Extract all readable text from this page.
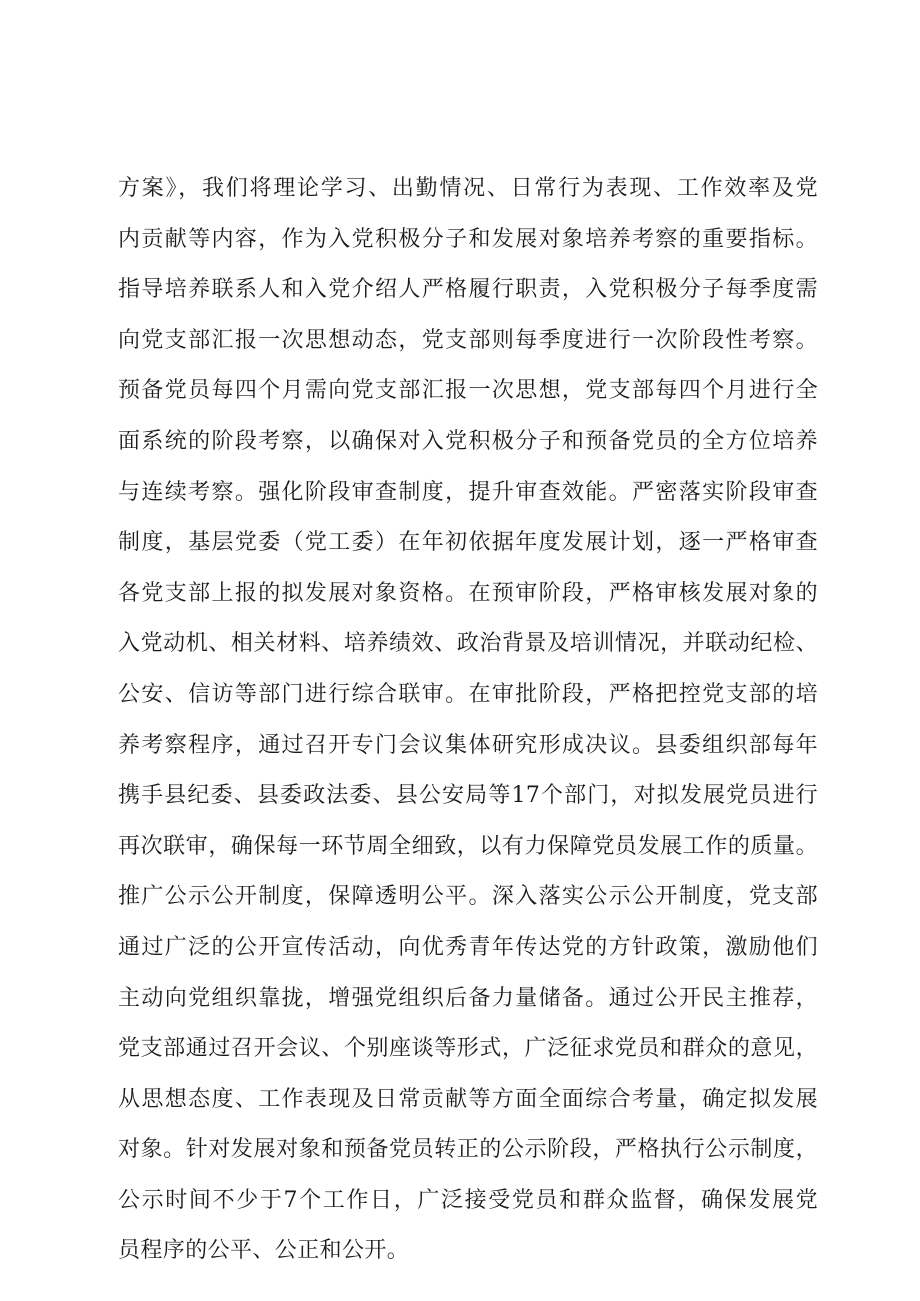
方案》，我们将理论学习、出勤情况、日常行为表现、工作效率及党
内贡献等内容，作为入党积极分子和发展对象培养考察的重要指标。
指导培养联系人和入党介绍人严格履行职责，入党积极分子每季度需
向党支部汇报一次思想动态，党支部则每季度进行一次阶段性考察。
预备党员每四个月需向党支部汇报一次思想，党支部每四个月进行全
面系统的阶段考察，以确保对入党积极分子和预备党员的全方位培养
与连续考察。强化阶段审查制度，提升审查效能。严密落实阶段审查
制度，基层党委（党工委）在年初依据年度发展计划，逐一严格审查
各党支部上报的拟发展对象资格。在预审阶段，严格审核发展对象的
入党动机、相关材料、培养绩效、政治背景及培训情况，并联动纪检、
公安、信访等部门进行综合联审。在审批阶段，严格把控党支部的培
养考察程序，通过召开专门会议集体研究形成决议。县委组织部每年
携手县纪委、县委政法委、县公安局等17个部门，对拟发展党员进行
再次联审，确保每一环节周全细致，以有力保障党员发展工作的质量。
推广公示公开制度，保障透明公平。深入落实公示公开制度，党支部
通过广泛的公开宣传活动，向优秀青年传达党的方针政策，激励他们
主动向党组织靠拢，增强党组织后备力量储备。通过公开民主推荐，
党支部通过召开会议、个别座谈等形式，广泛征求党员和群众的意见，
从思想态度、工作表现及日常贡献等方面全面综合考量，确定拟发展
对象。针对发展对象和预备党员转正的公示阶段，严格执行公示制度，
公示时间不少于7个工作日，广泛接受党员和群众监督，确保发展党
员程序的公平、公正和公开。
